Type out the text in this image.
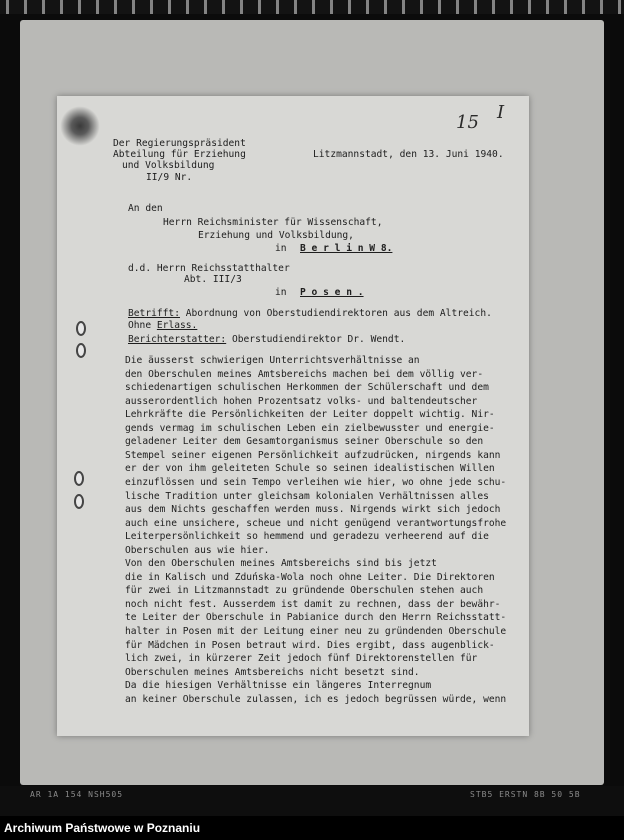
15 I
Der Regierungspräsident
Abteilung für Erziehung
und Volksbildung
II/9 Nr.
Litzmannstadt, den 13. Juni 1940.
An den
Herrn Reichsminister für Wissenschaft,
Erziehung und Volksbildung,
in B e r l i n W 8.
d.d. Herrn Reichsstatthalter
Abt. III/3
in P o s e n .
Betrifft: Abordnung von Oberstudiendirektoren aus dem Altreich.
Ohne Erlass.
Berichterstatter: Oberstudiendirektor Dr. Wendt.
Die äusserst schwierigen Unterrichtsverhältnisse an
den Oberschulen meines Amtsbereichs machen bei dem völlig ver-
schiedenartigen schulischen Herkommen der Schülerschaft und dem
ausserordentlich hohen Prozentsatz volks- und baltendeutscher
Lehrkräfte die Persönlichkeiten der Leiter doppelt wichtig. Nir-
gends vermag im schulischen Leben ein zielbewusster und energie-
geladener Leiter dem Gesamtorganismus seiner Oberschule so den
Stempel seiner eigenen Persönlichkeit aufzudrücken, nirgends kann
er der von ihm geleiteten Schule so seinen idealistischen Willen
einzuflössen und sein Tempo verleihen wie hier, wo ohne jede schu-
lische Tradition unter gleichsam kolonialen Verhältnissen alles
aus dem Nichts geschaffen werden muss. Nirgends wirkt sich jedoch
auch eine unsichere, scheue und nicht genügend verantwortungsfrohe
Leiterpersönlichkeit so hemmend und geradezu verheerend auf die
Oberschulen aus wie hier.
Von den Oberschulen meines Amtsbereichs sind bis jetzt
die in Kalisch und Zduńska-Wola noch ohne Leiter. Die Direktoren
für zwei in Litzmannstadt zu gründende Oberschulen stehen auch
noch nicht fest. Ausserdem ist damit zu rechnen, dass der bewähr-
te Leiter der Oberschule in Pabianice durch den Herrn Reichsstatt-
halter in Posen mit der Leitung einer neu zu gründenden Oberschule
für Mädchen in Posen betraut wird. Dies ergibt, dass augenblick-
lich zwei, in kürzerer Zeit jedoch fünf Direktorenstellen für
Oberschulen meines Amtsbereichs nicht besetzt sind.
Da die hiesigen Verhältnisse ein längeres Interregnum
an keiner Oberschule zulassen, ich es jedoch begrüssen würde, wenn
AR 1A 154 NSH505	STB5 ERSTN 8B 50 5B
Archiwum Państwowe w Poznaniu
